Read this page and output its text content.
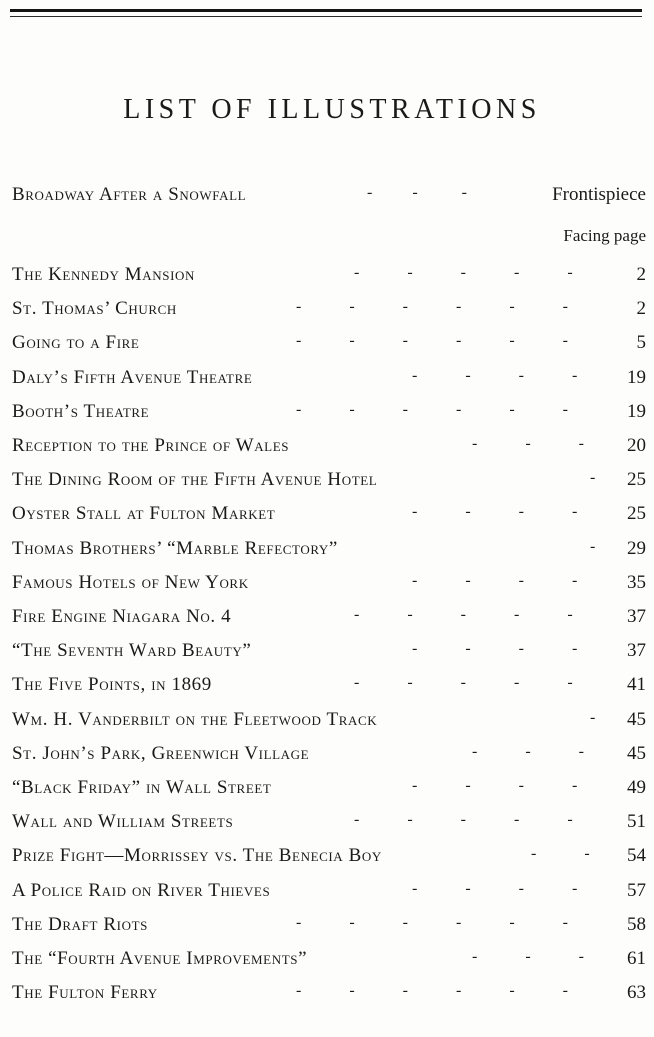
LIST OF ILLUSTRATIONS
Broadway After a Snowfall	-          -           -	Frontispiece
Facing page
The Kennedy Mansion	-            -            -            -            -	2
St. Thomas’ Church	-            -            -            -            -            -	2
Going to a Fire	-            -            -            -            -            -	5
Daly’s Fifth Avenue Theatre	-            -            -            -	19
Booth’s Theatre	-            -            -            -            -            -	19
Reception to the Prince of Wales	-            -            - 20
The Dining Room of the Fifth Avenue Hotel	- 25
Oyster Stall at Fulton Market	-            -            -            -	25
Thomas Brothers’ “Marble Refectory”	- 29
Famous Hotels of New York	-            -            -            -	35
Fire Engine Niagara No. 4	-            -            -            -            -	37
“The Seventh Ward Beauty”	-            -            -            -	37
The Five Points, in 1869	-            -            -            -            -	41
Wm. H. Vanderbilt on the Fleetwood Track	- 45
St. John’s Park, Greenwich Village	-            -            - 45
“Black Friday” in Wall Street	-            -            -            -	49
Wall and William Streets	-            -            -            -            -	51
Prize Fight—Morrissey vs. The Benecia Boy	-            - 54
A Police Raid on River Thieves	-            -            -            -	57
The Draft Riots	-            -            -            -            -            -	58
The “Fourth Avenue Improvements”	-            -            - 61
The Fulton Ferry	-            -            -            -            -            -	63
